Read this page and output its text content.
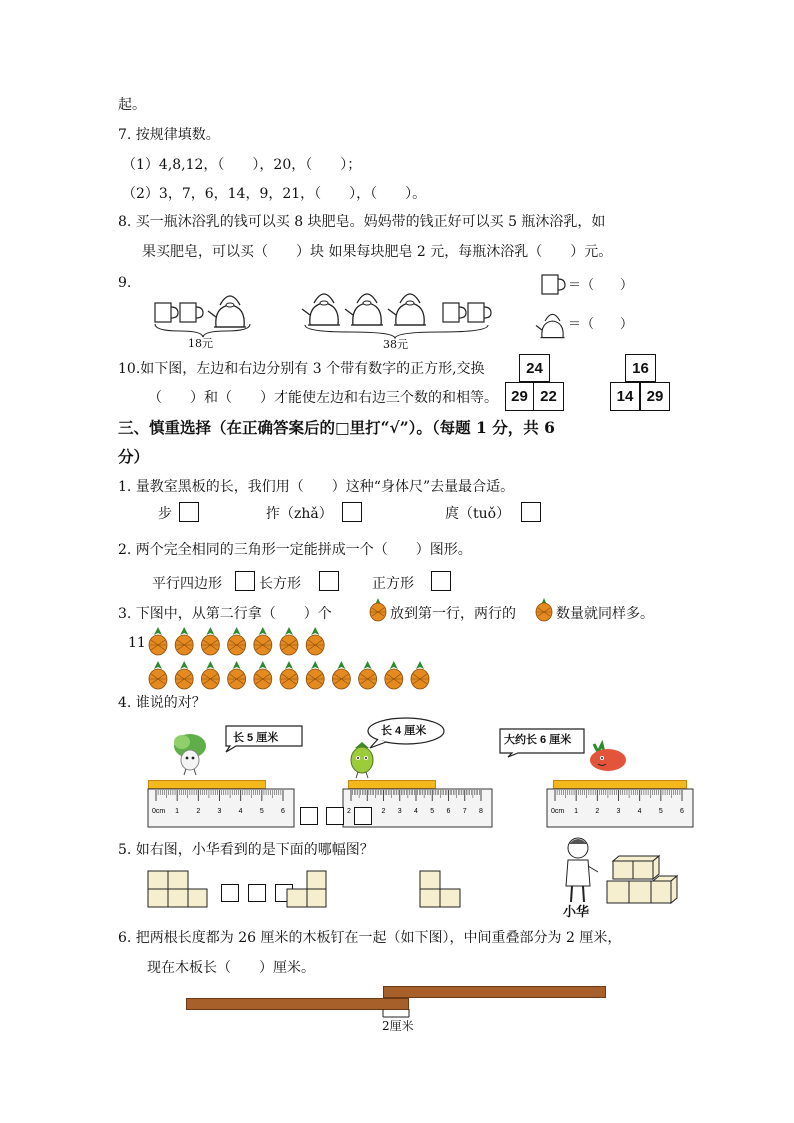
起。
7. 按规律填数。
（1）4,8,12，（　　），20，（　　）；
（2）3，7，6，14，9，21，（　　），（　　）。
8. 买一瓶沐浴乳的钱可以买 8 块肥皂。妈妈带的钱正好可以买 5 瓶沐浴乳，如
果买肥皂，可以买（　　）块 如果每块肥皂 2 元，每瓶沐浴乳（　　）元。
9.
18元	38元
＝（　　）
＝（　　）
10.如下图，左边和右边分别有 3 个带有数字的正方形,交换
（　　）和（　　）才能使左边和右边三个数的和相等。
24
29 22
16
14 29
三、慎重选择（在正确答案后的□里打“√”）。（每题 1 分，共 6
分）
1. 量教室黑板的长，我们用（　　）这种“身体尺”去量最合适。
步	拃（zhǎ）	庹（tuǒ）
2. 两个完全相同的三角形一定能拼成一个（　　）图形。
平行四边形	长方形	正方形
3. 下图中，从第二行拿（　　）个	放到第一行，两行的	数量就同样多。
11
4. 谁说的对？
长 5 厘米
长 4 厘米
大约长 6 厘米
0cm 1 2 3 4 5 6	2	2 3 4 5 6 7 8	0cm 1 2 3 4 5 6
5. 如右图，小华看到的是下面的哪幅图？
小华
6. 把两根长度都为 26 厘米的木板钉在一起（如下图），中间重叠部分为 2 厘米，
现在木板长（　　）厘米。
2厘米
